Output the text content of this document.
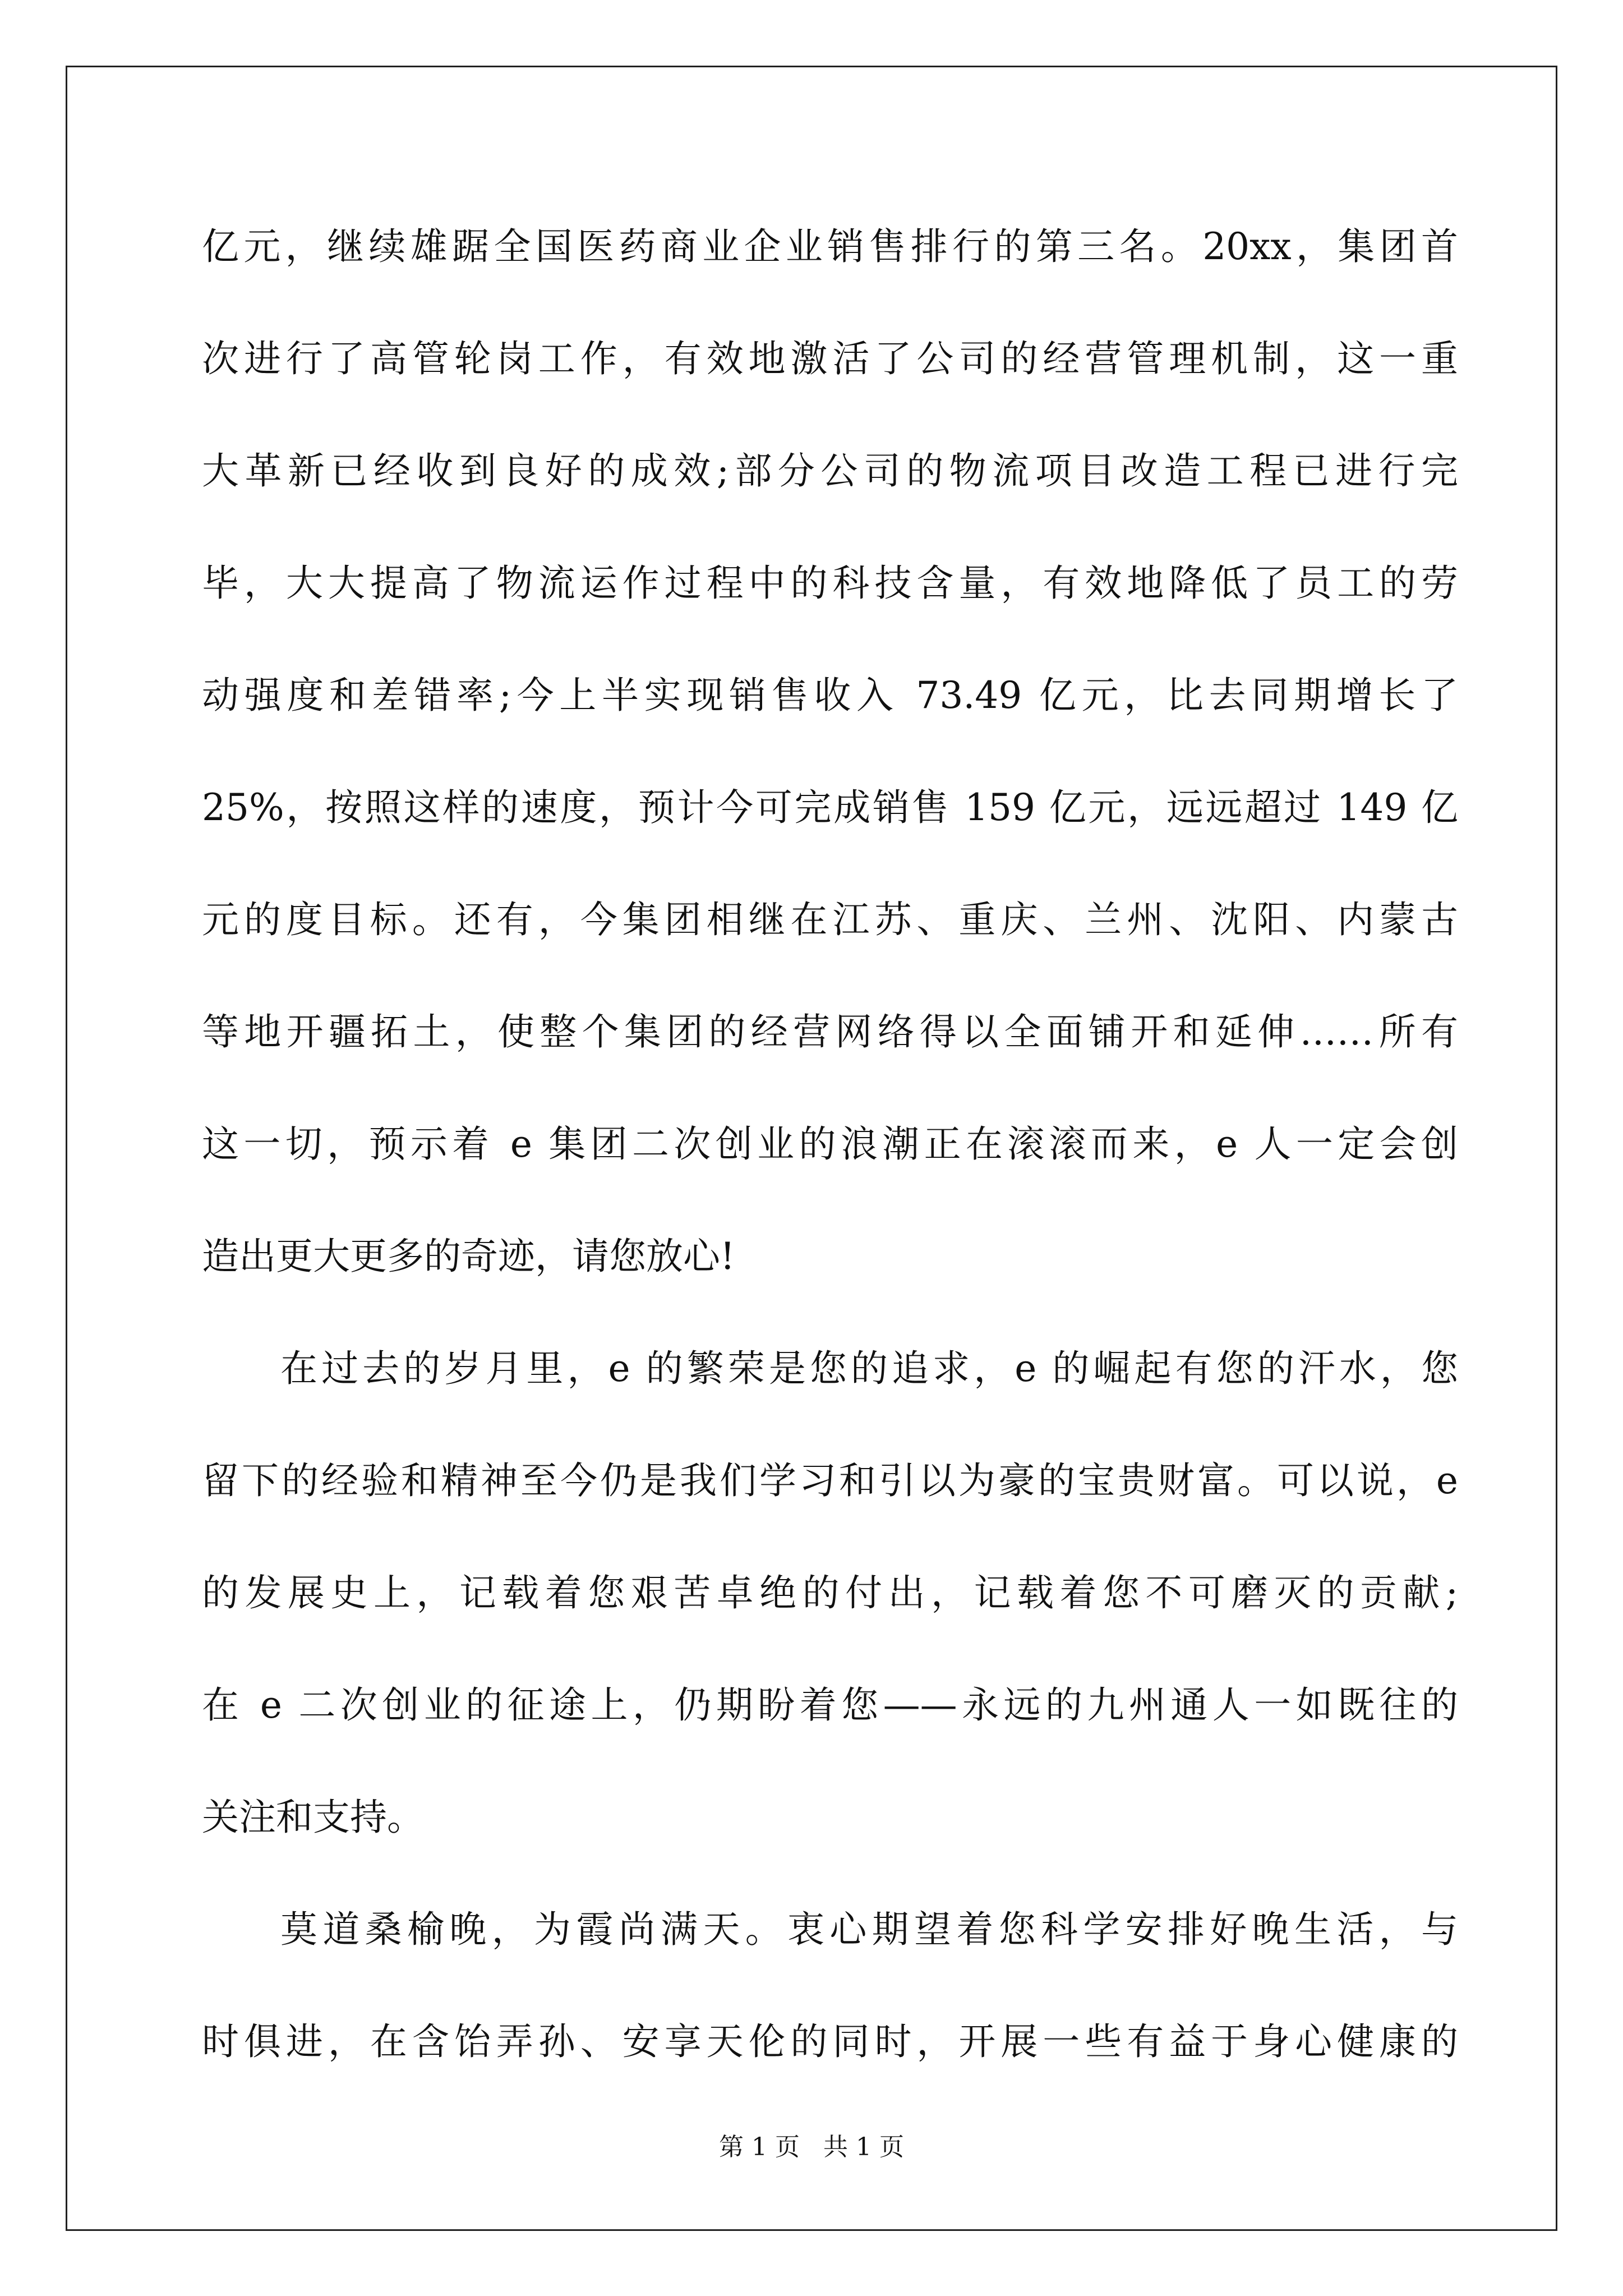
亿元，继续雄踞全国医药商业企业销售排行的第三名。20xx，集团首
次进行了高管轮岗工作，有效地激活了公司的经营管理机制，这一重
大革新已经收到良好的成效;部分公司的物流项目改造工程已进行完
毕，大大提高了物流运作过程中的科技含量，有效地降低了员工的劳
动强度和差错率;今上半实现销售收入 73.49 亿元，比去同期增长了
25%，按照这样的速度，预计今可完成销售 159 亿元，远远超过 149 亿
元的度目标。还有，今集团相继在江苏、重庆、兰州、沈阳、内蒙古
等地开疆拓土，使整个集团的经营网络得以全面铺开和延伸……所有
这一切，预示着 e 集团二次创业的浪潮正在滚滚而来，e 人一定会创
造出更大更多的奇迹，请您放心!
在过去的岁月里，e 的繁荣是您的追求，e 的崛起有您的汗水，您
留下的经验和精神至今仍是我们学习和引以为豪的宝贵财富。可以说，e
的发展史上，记载着您艰苦卓绝的付出，记载着您不可磨灭的贡献;
在 e 二次创业的征途上，仍期盼着您——永远的九州通人一如既往的
关注和支持。
莫道桑榆晚，为霞尚满天。衷心期望着您科学安排好晚生活，与
时俱进，在含饴弄孙、安享天伦的同时，开展一些有益于身心健康的
第 1 页 共 1 页
